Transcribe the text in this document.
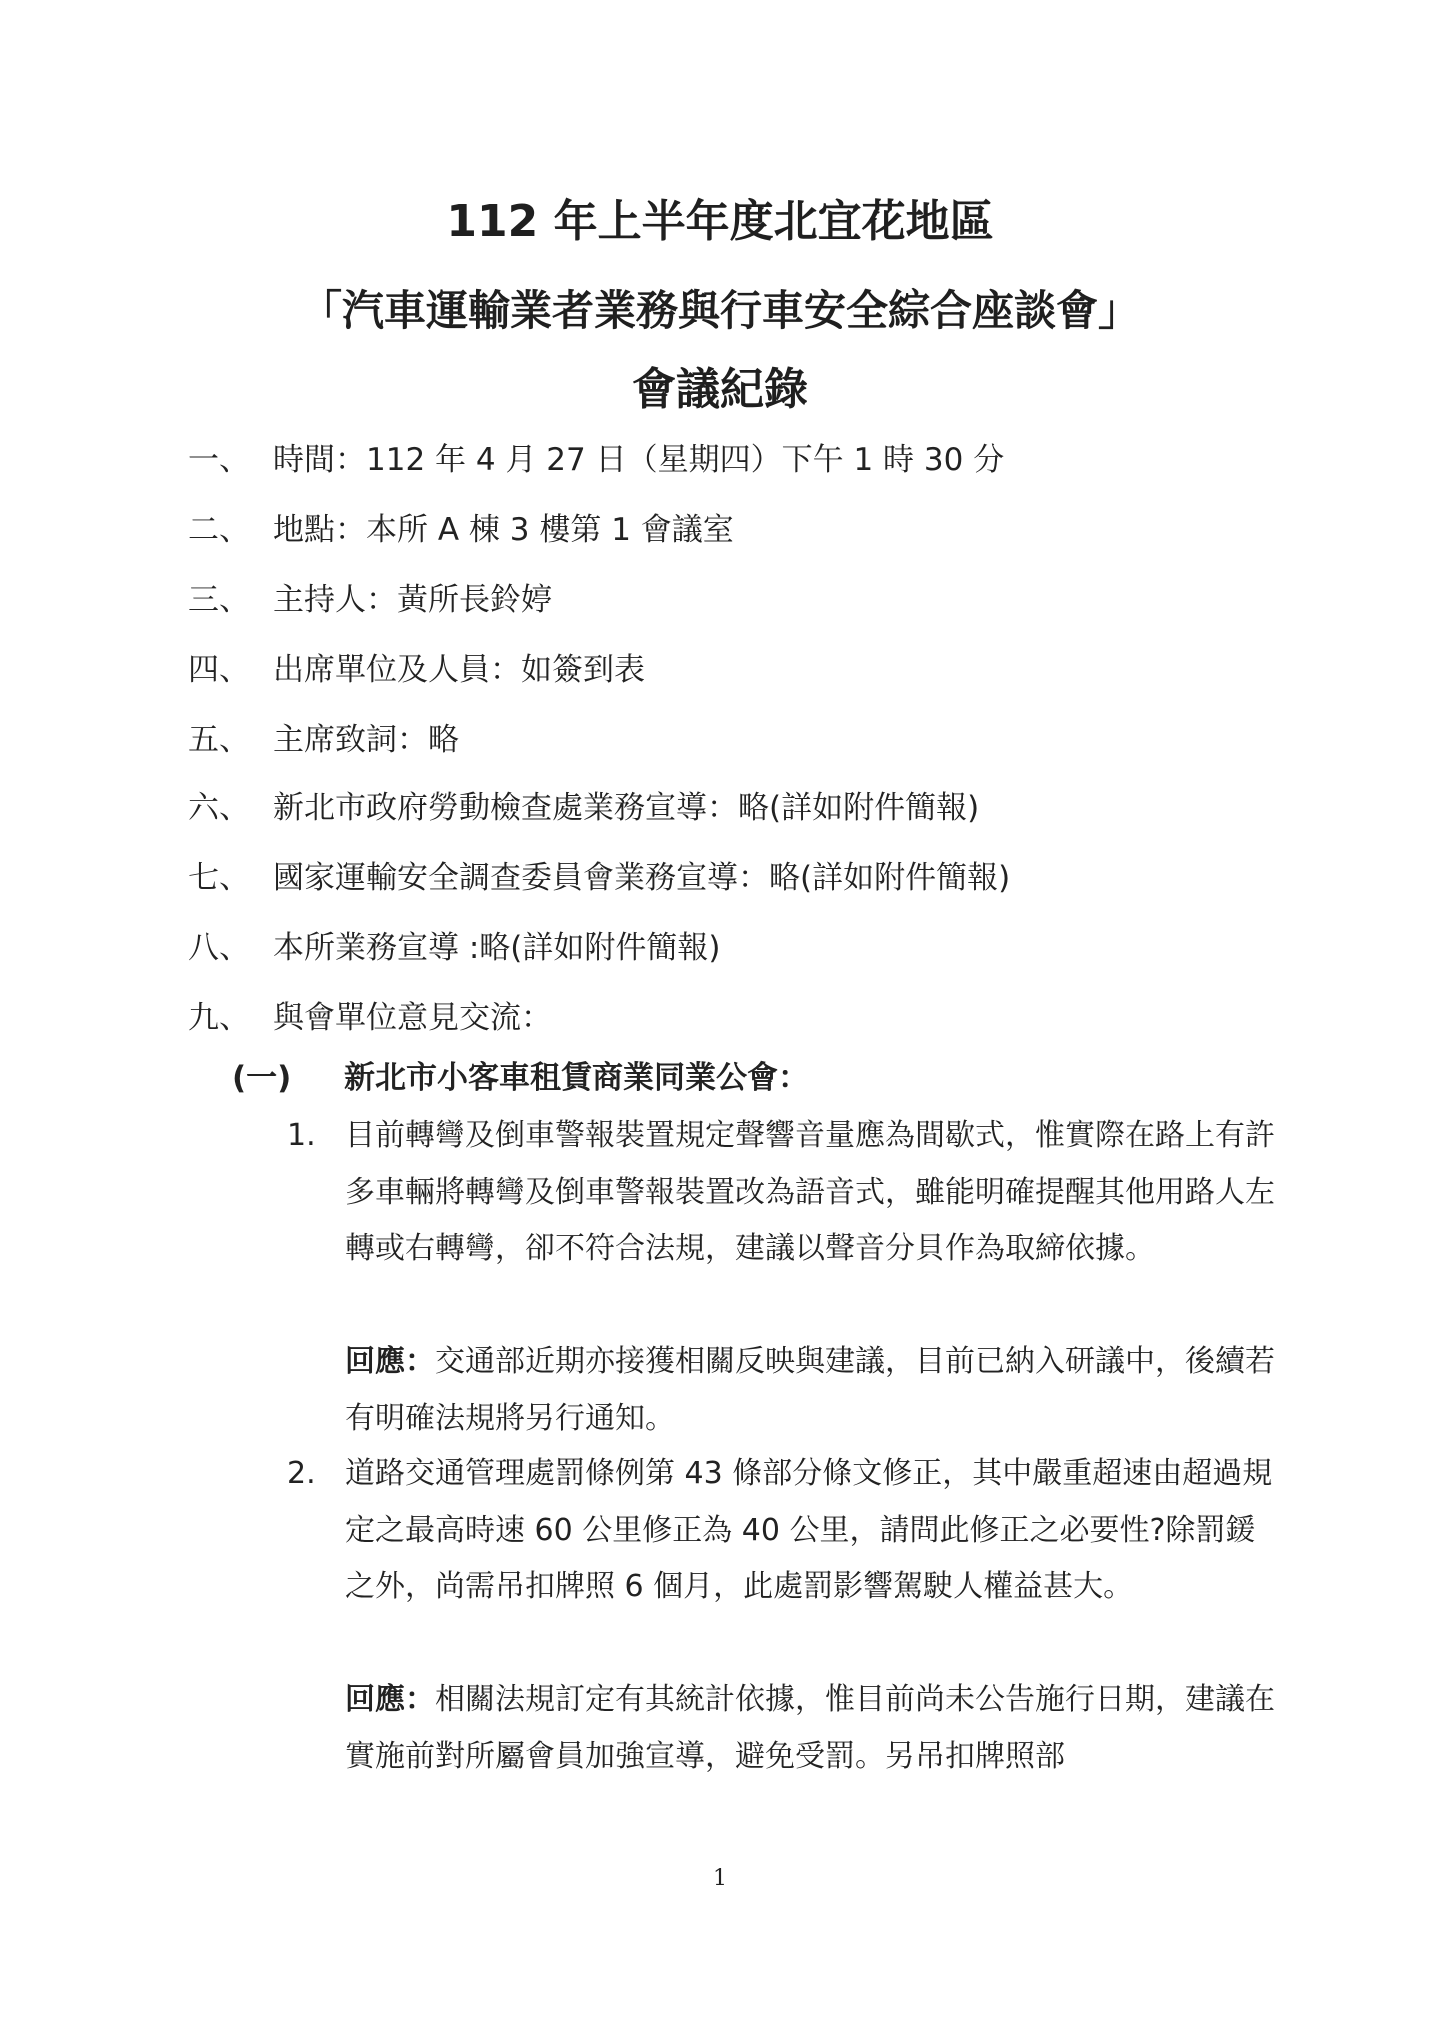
112 年上半年度北宜花地區
「汽車運輸業者業務與行車安全綜合座談會」
會議紀錄
一、 時間：112 年 4 月 27 日（星期四）下午 1 時 30 分
二、 地點：本所 A 棟 3 樓第 1 會議室
三、 主持人：黃所長鈴婷
四、 出席單位及人員：如簽到表
五、 主席致詞：略
六、 新北市政府勞動檢查處業務宣導：略(詳如附件簡報)
七、 國家運輸安全調查委員會業務宣導：略(詳如附件簡報)
八、 本所業務宣導 :略(詳如附件簡報)
九、 與會單位意見交流：
(一) 新北市小客車租賃商業同業公會：
1. 目前轉彎及倒車警報裝置規定聲響音量應為間歇式，惟實際在路上有許多車輛將轉彎及倒車警報裝置改為語音式，雖能明確提醒其他用路人左轉或右轉彎，卻不符合法規，建議以聲音分貝作為取締依據。
回應：交通部近期亦接獲相關反映與建議，目前已納入研議中，後續若有明確法規將另行通知。
2. 道路交通管理處罰條例第 43 條部分條文修正，其中嚴重超速由超過規定之最高時速 60 公里修正為 40 公里，請問此修正之必要性?除罰鍰之外，尚需吊扣牌照 6 個月，此處罰影響駕駛人權益甚大。
回應：相關法規訂定有其統計依據，惟目前尚未公告施行日期，建議在實施前對所屬會員加強宣導，避免受罰。另吊扣牌照部
1
